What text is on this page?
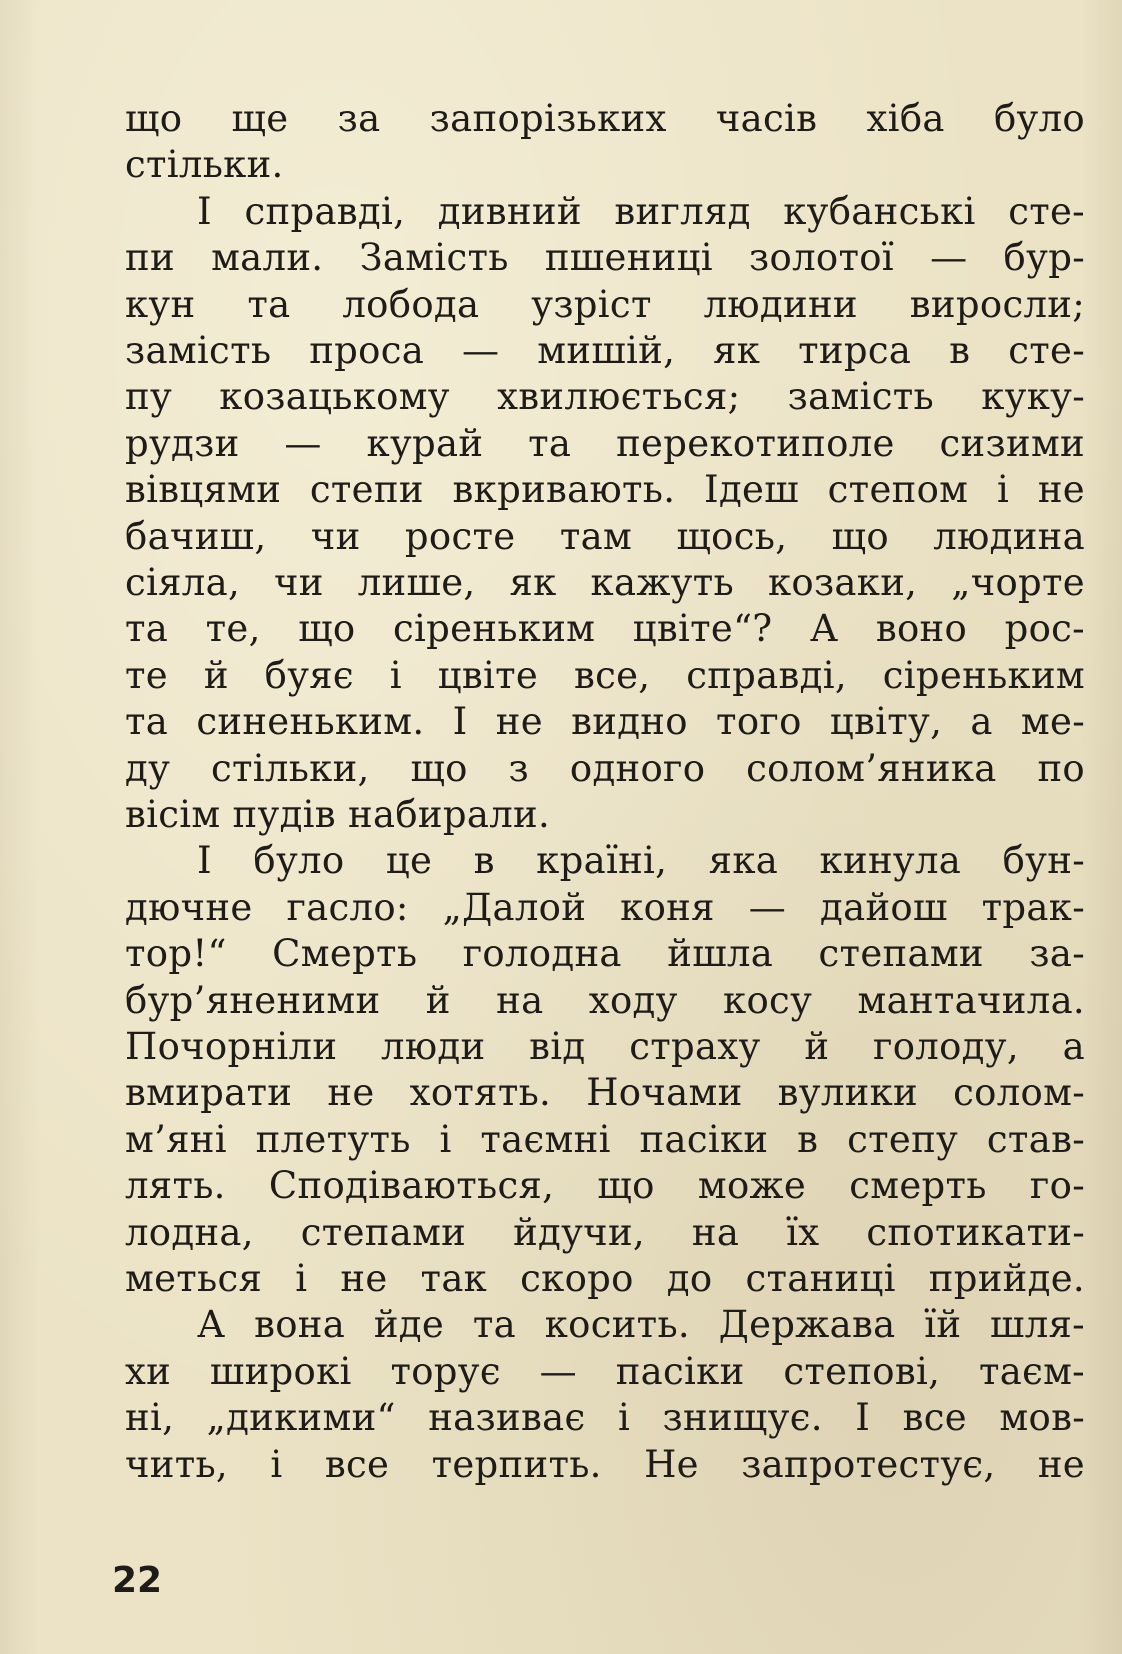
що ще за запорізьких часів хіба було
стільки.
І справді, дивний вигляд кубанські сте-
пи мали. Замість пшениці золотої — бур-
кун та лобода узріст людини виросли;
замість проса — мишій, як тирса в сте-
пу козацькому хвилюється; замість куку-
рудзи — курай та перекотиполе сизими
вівцями степи вкривають. Ідеш степом і не
бачиш, чи росте там щось, що людина
сіяла, чи лише, як кажуть козаки, „чорте
та те, що сіреньким цвіте“? А воно рос-
те й буяє і цвіте все, справді, сіреньким
та синеньким. І не видно того цвіту, а ме-
ду стільки, що з одного солом’яника по
вісім пудів набирали.
І було це в країні, яка кинула бун-
дючне гасло: „Далой коня — дайош трак-
тор!“ Смерть голодна йшла степами за-
бур’яненими й на ходу косу мантачила.
Почорніли люди від страху й голоду, а
вмирати не хотять. Ночами вулики солом-
м’яні плетуть і таємні пасіки в степу став-
лять. Сподіваються, що може смерть го-
лодна, степами йдучи, на їх спотикати-
меться і не так скоро до станиці прийде.
А вона йде та косить. Держава їй шля-
хи широкі торує — пасіки степові, таєм-
ні, „дикими“ називає і знищує. І все мов-
чить, і все терпить. Не запротестує, не
22
